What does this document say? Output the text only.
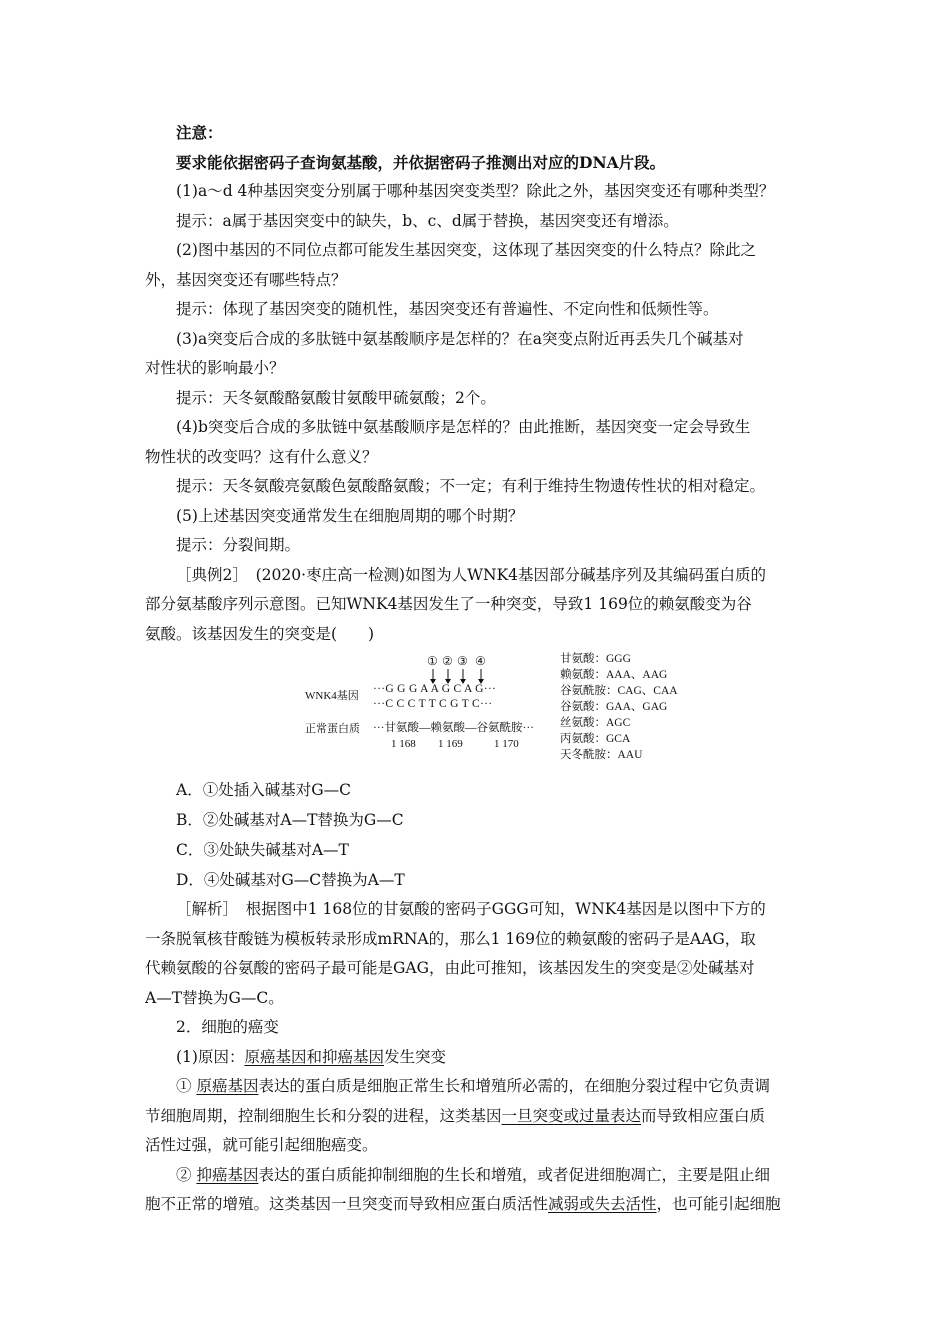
注意：
要求能依据密码子查询氨基酸，并依据密码子推测出对应的DNA片段。
(1)a～d 4种基因突变分别属于哪种基因突变类型？除此之外，基因突变还有哪种类型？
提示：a属于基因突变中的缺失，b、c、d属于替换，基因突变还有增添。
(2)图中基因的不同位点都可能发生基因突变，这体现了基因突变的什么特点？除此之
外，基因突变还有哪些特点？
提示：体现了基因突变的随机性，基因突变还有普遍性、不定向性和低频性等。
(3)a突变后合成的多肽链中氨基酸顺序是怎样的？在a突变点附近再丢失几个碱基对
对性状的影响最小？
提示：天冬氨酸酪氨酸甘氨酸甲硫氨酸；2个。
(4)b突变后合成的多肽链中氨基酸顺序是怎样的？由此推断，基因突变一定会导致生
物性状的改变吗？这有什么意义？
提示：天冬氨酸亮氨酸色氨酸酪氨酸；不一定；有利于维持生物遗传性状的相对稳定。
(5)上述基因突变通常发生在细胞周期的哪个时期？
提示：分裂间期。
［典例2］　(2020·枣庄高一检测)如图为人WNK4基因部分碱基序列及其编码蛋白质的
部分氨基酸序列示意图。已知WNK4基因发生了一种突变，导致1 169位的赖氨酸变为谷
氨酸。该基因发生的突变是(　　)
① ② ③ ④
WNK4基因
···G G G A A G C A G···
···C C C T T C G T C···
正常蛋白质 ···甘氨酸—赖氨酸—谷氨酰胺···
1 168 1 169	1 170
甘氨酸：GGG
赖氨酸：AAA、AAG
谷氨酰胺：CAG、CAA
谷氨酸：GAA、GAG
丝氨酸：AGC
丙氨酸：GCA
天冬酰胺：AAU
A．①处插入碱基对G—C
B．②处碱基对A—T替换为G—C
C．③处缺失碱基对A—T
D．④处碱基对G—C替换为A—T
［解析］　根据图中1 168位的甘氨酸的密码子GGG可知，WNK4基因是以图中下方的
一条脱氧核苷酸链为模板转录形成mRNA的，那么1 169位的赖氨酸的密码子是AAG，取
代赖氨酸的谷氨酸的密码子最可能是GAG，由此可推知，该基因发生的突变是②处碱基对
A—T替换为G—C。
2．细胞的癌变
(1)原因：原癌基因和抑癌基因发生突变
① 原癌基因表达的蛋白质是细胞正常生长和增殖所必需的，在细胞分裂过程中它负责调
节细胞周期，控制细胞生长和分裂的进程，这类基因一旦突变或过量表达而导致相应蛋白质
活性过强，就可能引起细胞癌变。
② 抑癌基因表达的蛋白质能抑制细胞的生长和增殖，或者促进细胞凋亡，主要是阻止细
胞不正常的增殖。这类基因一旦突变而导致相应蛋白质活性减弱或失去活性，也可能引起细胞
